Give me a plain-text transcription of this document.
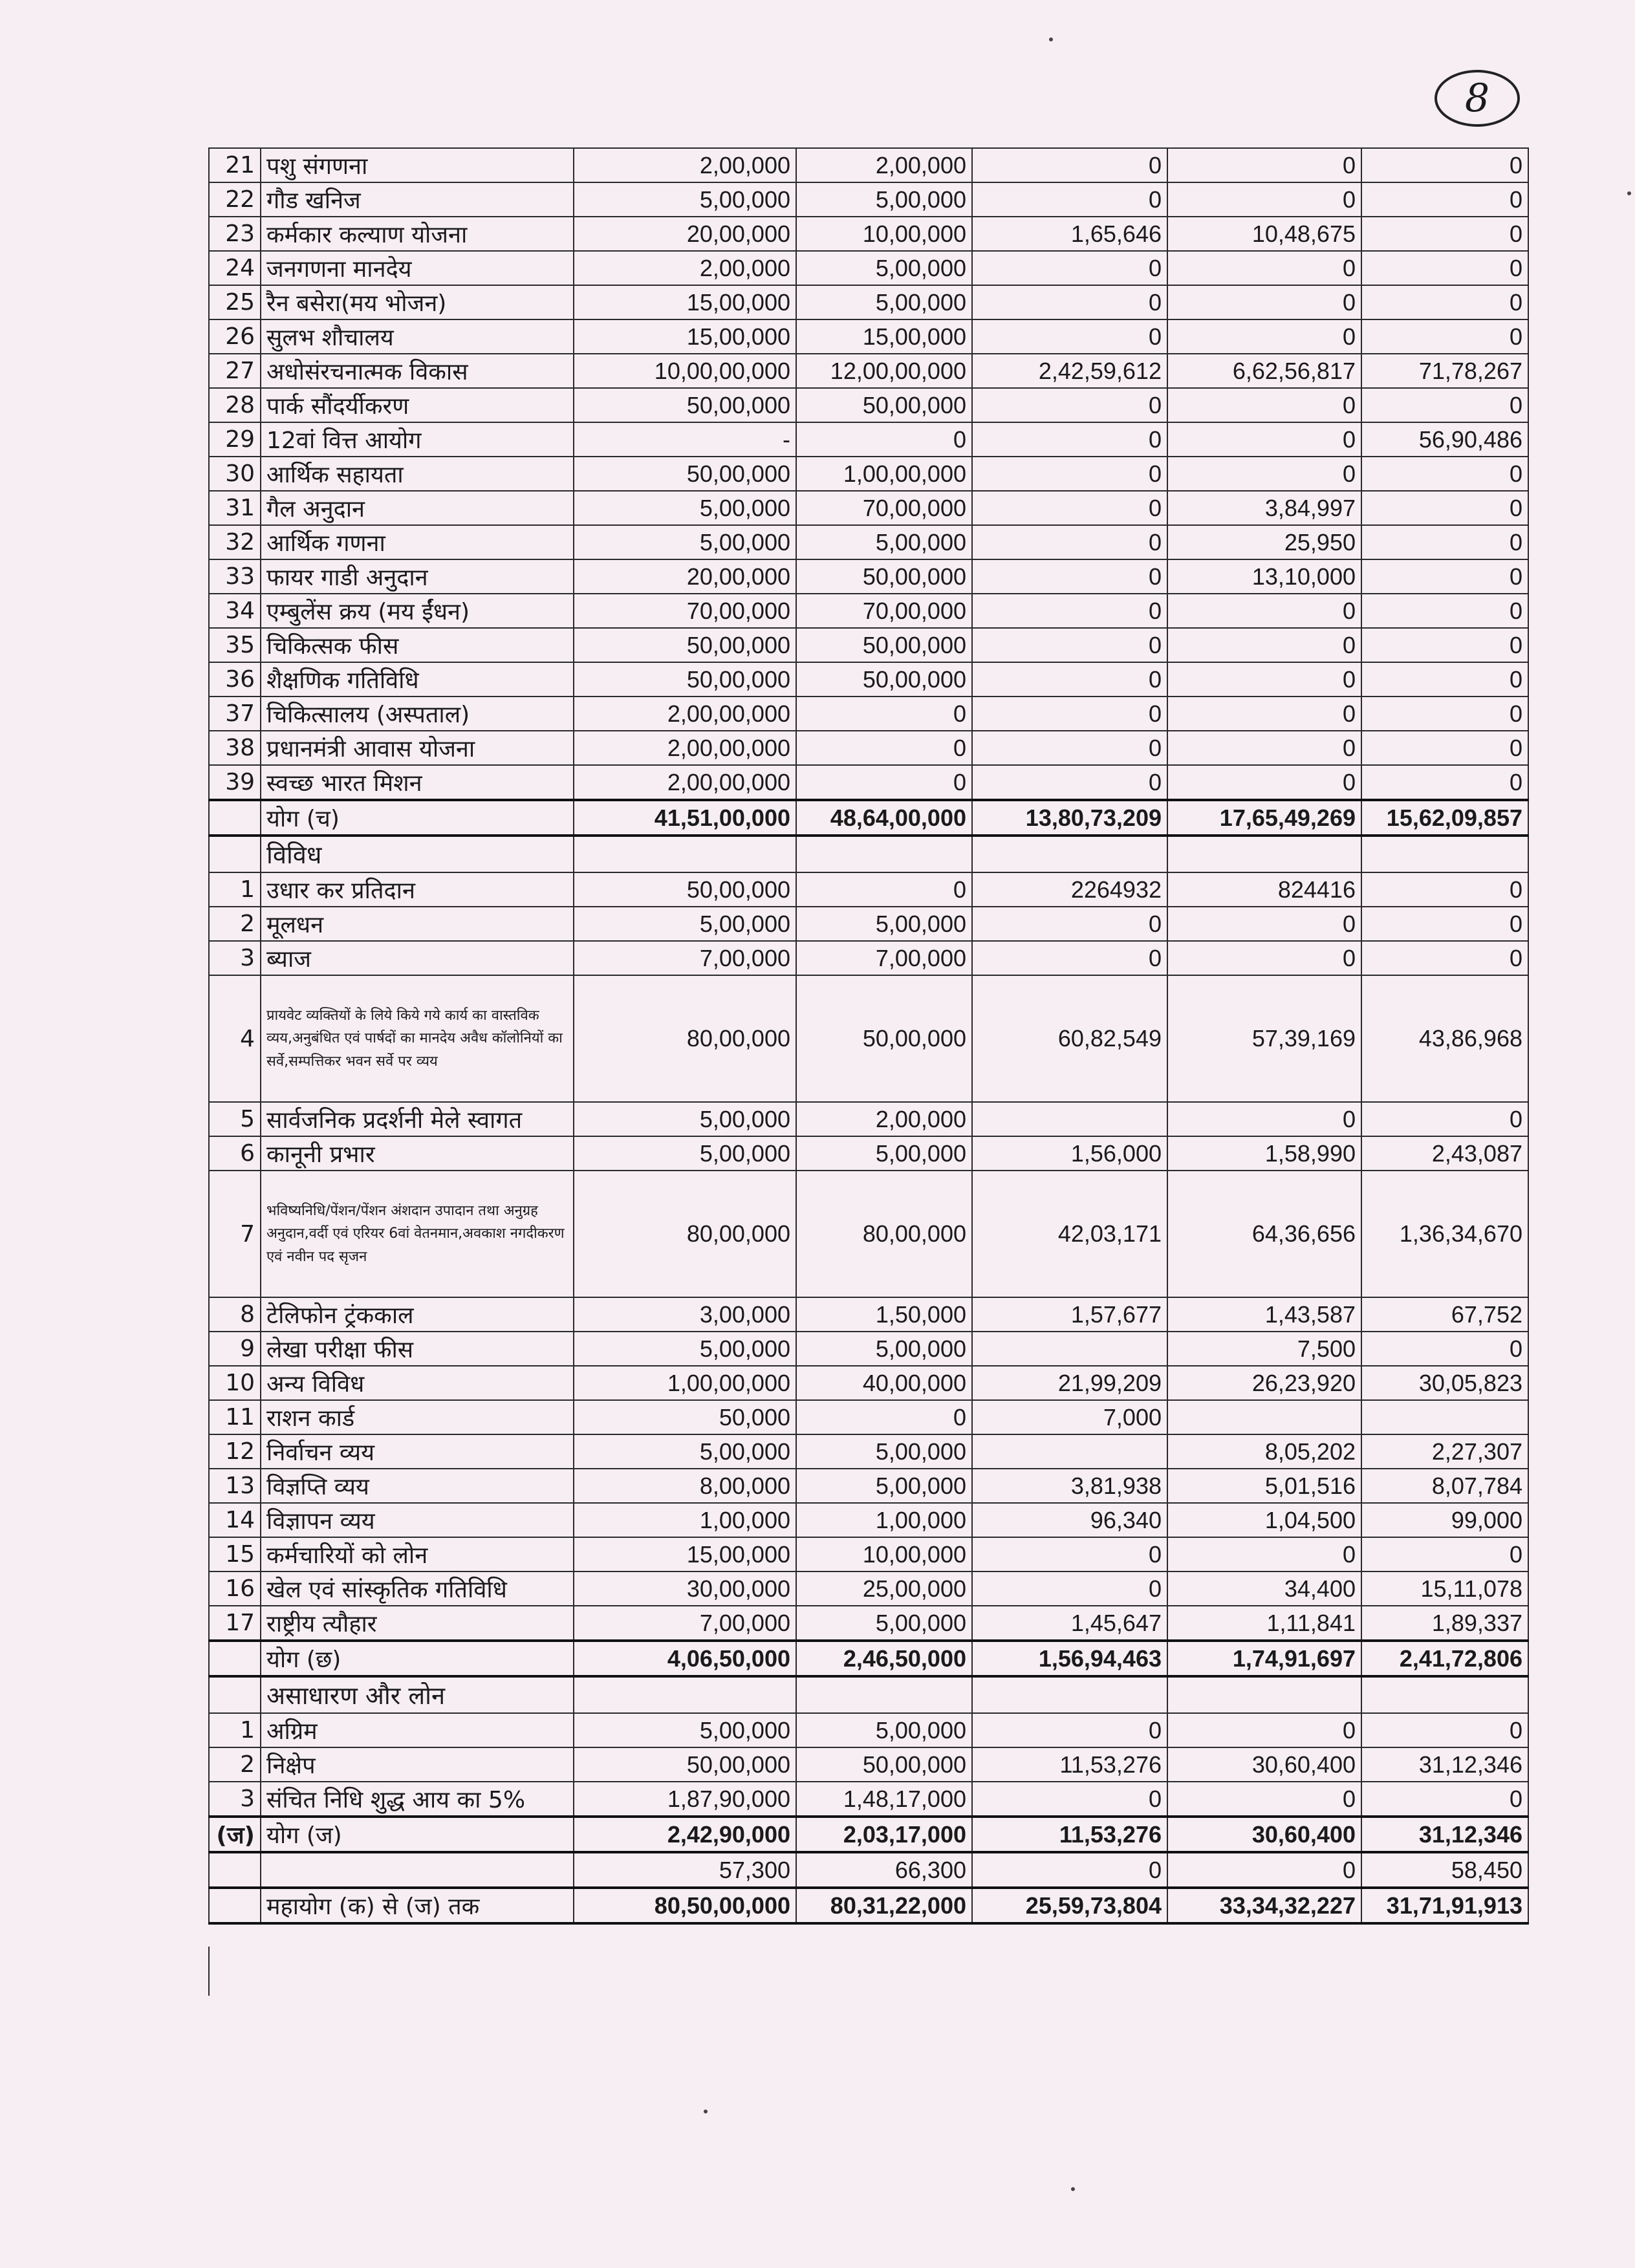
8
21	पशु संगणना	2,00,000	2,00,000	0	0	0
22	गौड खनिज	5,00,000	5,00,000	0	0	0
23	कर्मकार कल्याण योजना	20,00,000	10,00,000	1,65,646	10,48,675	0
24	जनगणना मानदेय	2,00,000	5,00,000	0	0	0
25	रैन बसेरा(मय भोजन)	15,00,000	5,00,000	0	0	0
26	सुलभ शौचालय	15,00,000	15,00,000	0	0	0
27	अधोसंरचनात्मक विकास	10,00,00,000	12,00,00,000	2,42,59,612	6,62,56,817	71,78,267
28	पार्क सौंदर्यीकरण	50,00,000	50,00,000	0	0	0
29	12वां वित्त आयोग	-	0	0	0	56,90,486
30	आर्थिक सहायता	50,00,000	1,00,00,000	0	0	0
31	गैल अनुदान	5,00,000	70,00,000	0	3,84,997	0
32	आर्थिक गणना	5,00,000	5,00,000	0	25,950	0
33	फायर गाडी अनुदान	20,00,000	50,00,000	0	13,10,000	0
34	एम्बुलेंस क्रय (मय ईंधन)	70,00,000	70,00,000	0	0	0
35	चिकित्सक फीस	50,00,000	50,00,000	0	0	0
36	शैक्षणिक गतिविधि	50,00,000	50,00,000	0	0	0
37	चिकित्सालय (अस्पताल)	2,00,00,000	0	0	0	0
38	प्रधानमंत्री आवास योजना	2,00,00,000	0	0	0	0
39	स्वच्छ भारत मिशन	2,00,00,000	0	0	0	0
	योग (च)	41,51,00,000	48,64,00,000	13,80,73,209	17,65,49,269	15,62,09,857
	विविध					
1	उधार कर प्रतिदान	50,00,000	0	2264932	824416	0
2	मूलधन	5,00,000	5,00,000	0	0	0
3	ब्याज	7,00,000	7,00,000	0	0	0
4	प्रायवेट व्यक्तियों के लिये किये गये कार्य का वास्तविक व्यय,अनुबंधित एवं पार्षदों का मानदेय अवैध कॉलोनियों का सर्वे,सम्पत्तिकर भवन सर्वे पर व्यय	80,00,000	50,00,000	60,82,549	57,39,169	43,86,968
5	सार्वजनिक प्रदर्शनी मेले स्वागत	5,00,000	2,00,000		0	0
6	कानूनी प्रभार	5,00,000	5,00,000	1,56,000	1,58,990	2,43,087
7	भविष्यनिधि/पेंशन/पेंशन अंशदान उपादान तथा अनुग्रह अनुदान,वर्दी एवं एरियर 6वां वेतनमान,अवकाश नगदीकरण एवं नवीन पद सृजन	80,00,000	80,00,000	42,03,171	64,36,656	1,36,34,670
8	टेलिफोन ट्रंककाल	3,00,000	1,50,000	1,57,677	1,43,587	67,752
9	लेखा परीक्षा फीस	5,00,000	5,00,000		7,500	0
10	अन्य विविध	1,00,00,000	40,00,000	21,99,209	26,23,920	30,05,823
11	राशन कार्ड	50,000	0	7,000		
12	निर्वाचन व्यय	5,00,000	5,00,000		8,05,202	2,27,307
13	विज्ञप्ति व्यय	8,00,000	5,00,000	3,81,938	5,01,516	8,07,784
14	विज्ञापन व्यय	1,00,000	1,00,000	96,340	1,04,500	99,000
15	कर्मचारियों को लोन	15,00,000	10,00,000	0	0	0
16	खेल एवं सांस्कृतिक गतिविधि	30,00,000	25,00,000	0	34,400	15,11,078
17	राष्ट्रीय त्यौहार	7,00,000	5,00,000	1,45,647	1,11,841	1,89,337
	योग (छ)	4,06,50,000	2,46,50,000	1,56,94,463	1,74,91,697	2,41,72,806
	असाधारण और लोन					
1	अग्रिम	5,00,000	5,00,000	0	0	0
2	निक्षेप	50,00,000	50,00,000	11,53,276	30,60,400	31,12,346
3	संचित निधि शुद्ध आय का 5%	1,87,90,000	1,48,17,000	0	0	0
(ज)	योग (ज)	2,42,90,000	2,03,17,000	11,53,276	30,60,400	31,12,346
		57,300	66,300	0	0	58,450
	महायोग (क) से (ज) तक	80,50,00,000	80,31,22,000	25,59,73,804	33,34,32,227	31,71,91,913
